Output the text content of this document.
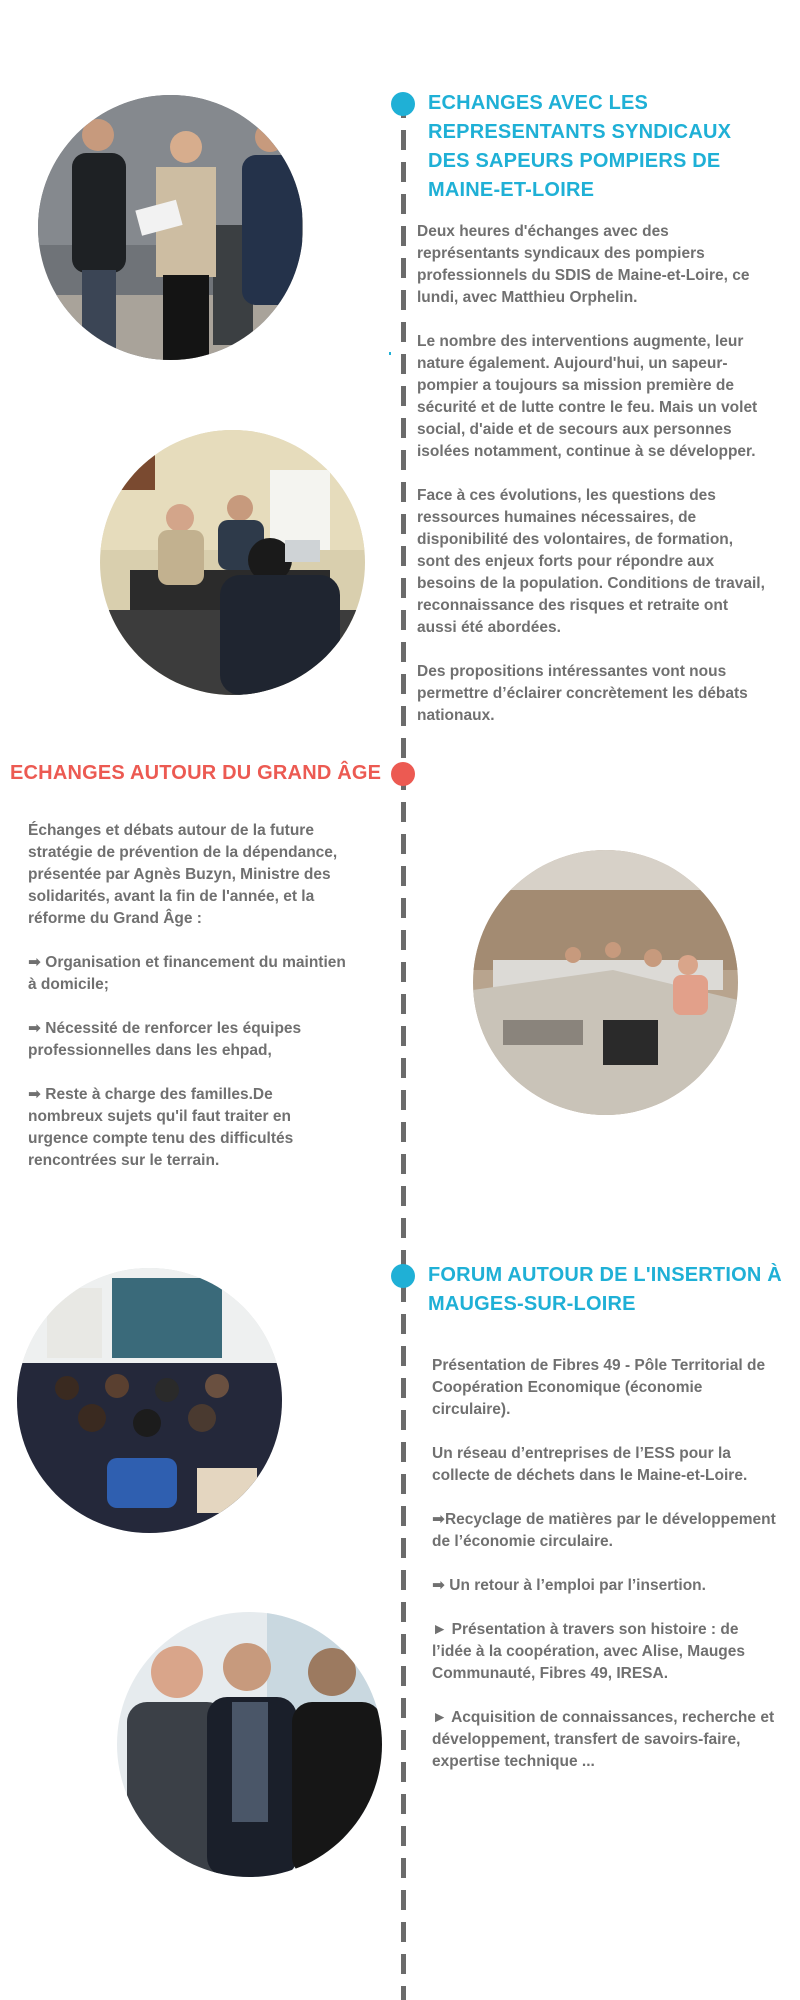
ECHANGES AVEC LES REPRESENTANTS SYNDICAUX DES SAPEURS POMPIERS DE MAINE-ET-LOIRE

Deux heures d'échanges avec des représentants syndicaux des pompiers professionnels du SDIS de Maine-et-Loire, ce lundi, avec Matthieu Orphelin.

Le nombre des interventions augmente, leur nature également. Aujourd'hui, un sapeur-pompier a toujours sa mission première de sécurité et de lutte contre le feu. Mais un volet social, d'aide et de secours aux personnes isolées notamment, continue à se développer.

Face à ces évolutions, les questions des ressources humaines nécessaires, de disponibilité des volontaires, de formation, sont des enjeux forts pour répondre aux besoins de la population. Conditions de travail, reconnaissance des risques et retraite ont aussi été abordées.

Des propositions intéressantes vont nous permettre d’éclairer concrètement les débats nationaux.

ECHANGES AUTOUR DU GRAND ÂGE

Échanges et débats autour de la future stratégie de prévention de la dépendance, présentée par Agnès Buzyn, Ministre des solidarités, avant la fin de l'année, et la réforme du Grand Âge :

➡ Organisation et financement du maintien à domicile;

➡ Nécessité de renforcer les équipes professionnelles dans les ehpad,

➡ Reste à charge des familles.De nombreux sujets qu'il faut traiter en urgence compte tenu des difficultés rencontrées sur le terrain.

FORUM AUTOUR DE L'INSERTION À MAUGES-SUR-LOIRE

Présentation de Fibres 49 - Pôle Territorial de Coopération Economique (économie circulaire).

Un réseau d’entreprises de l’ESS pour la collecte de déchets dans le Maine-et-Loire.

➡Recyclage de matières par le développement de l’économie circulaire.

➡ Un retour à l’emploi par l’insertion.

► Présentation à travers son histoire : de l’idée à la coopération, avec Alise, Mauges Communauté, Fibres 49, IRESA.

► Acquisition de connaissances, recherche et développement, transfert de savoirs-faire, expertise technique ...
